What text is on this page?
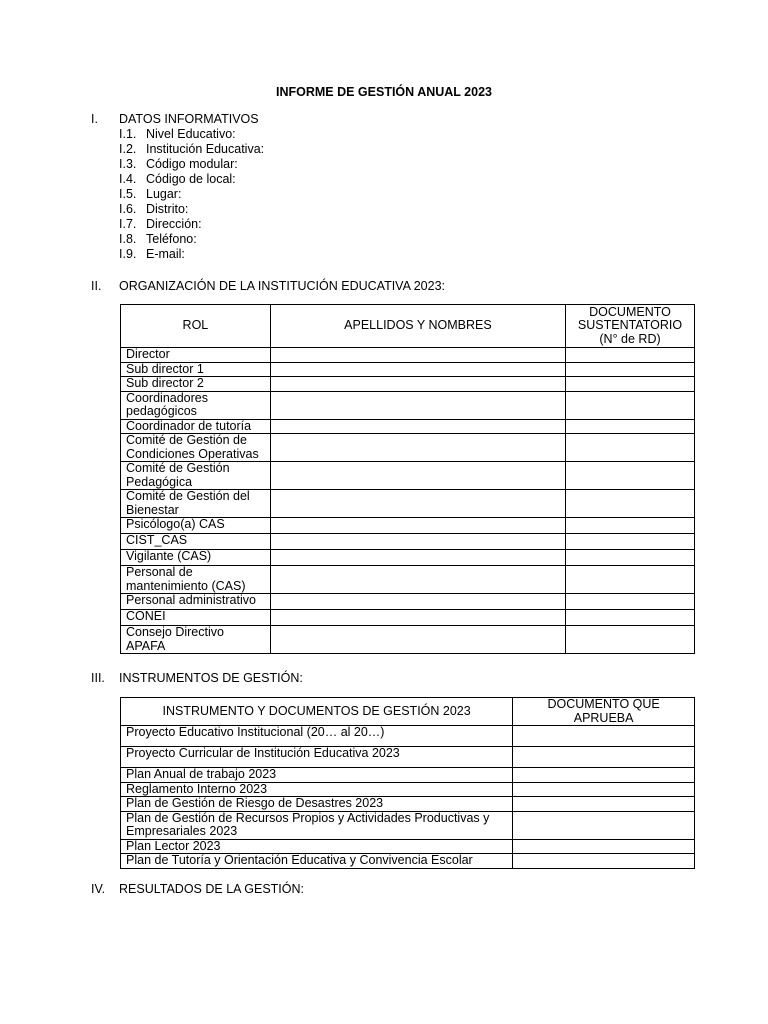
INFORME DE GESTIÓN ANUAL 2023
I. DATOS INFORMATIVOS
I.1. Nivel Educativo:
I.2. Institución Educativa:
I.3. Código modular:
I.4. Código de local:
I.5. Lugar:
I.6. Distrito:
I.7. Dirección:
I.8. Teléfono:
I.9. E-mail:
II. ORGANIZACIÓN DE LA INSTITUCIÓN EDUCATIVA 2023:
ROL	APELLIDOS Y NOMBRES	DOCUMENTO SUSTENTATORIO (N° de RD)
Director		
Sub director 1		
Sub director 2		
Coordinadores pedagógicos		
Coordinador de tutoría		
Comité de Gestión de Condiciones Operativas		
Comité de Gestión Pedagógica		
Comité de Gestión del Bienestar		
Psicólogo(a) CAS		
CIST_CAS		
Vigilante (CAS)		
Personal de mantenimiento (CAS)		
Personal administrativo		
CONEI		
Consejo Directivo APAFA		
III. INSTRUMENTOS DE GESTIÓN:
INSTRUMENTO Y DOCUMENTOS DE GESTIÓN 2023	DOCUMENTO QUE APRUEBA
Proyecto Educativo Institucional (20… al 20…)	
Proyecto Curricular de Institución Educativa 2023	
Plan Anual de trabajo 2023	
Reglamento Interno 2023	
Plan de Gestión de Riesgo de Desastres 2023	
Plan de Gestión de Recursos Propios y Actividades Productivas y Empresariales 2023	
Plan Lector 2023	
Plan de Tutoría y Orientación Educativa y Convivencia Escolar	
IV. RESULTADOS DE LA GESTIÓN:
